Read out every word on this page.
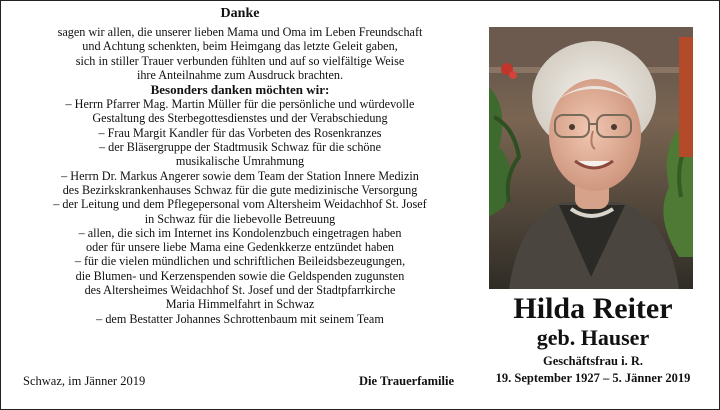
Danke
sagen wir allen, die unserer lieben Mama und Oma im Leben Freundschaft
und Achtung schenkten, beim Heimgang das letzte Geleit gaben,
sich in stiller Trauer verbunden fühlten und auf so vielfältige Weise
ihre Anteilnahme zum Ausdruck brachten.
Besonders danken möchten wir:
– Herrn Pfarrer Mag. Martin Müller für die persönliche und würdevolle
Gestaltung des Sterbegottesdienstes und der Verabschiedung
– Frau Margit Kandler für das Vorbeten des Rosenkranzes
– der Bläsergruppe der Stadtmusik Schwaz für die schöne
musikalische Umrahmung
– Herrn Dr. Markus Angerer sowie dem Team der Station Innere Medizin
des Bezirkskrankenhauses Schwaz für die gute medizinische Versorgung
– der Leitung und dem Pflegepersonal vom Altersheim Weidachhof St. Josef
in Schwaz für die liebevolle Betreuung
– allen, die sich im Internet ins Kondolenzbuch eingetragen haben
oder für unsere liebe Mama eine Gedenkkerze entzündet haben
– für die vielen mündlichen und schriftlichen Beileidsbezeugungen,
die Blumen- und Kerzenspenden sowie die Geldspenden zugunsten
des Altersheimes Weidachhof St. Josef und der Stadtpfarrkirche
Maria Himmelfahrt in Schwaz
– dem Bestatter Johannes Schrottenbaum mit seinem Team
Schwaz, im Jänner 2019	Die Trauerfamilie
Hilda Reiter
geb. Hauser
Geschäftsfrau i. R.
19. September 1927 – 5. Jänner 2019
